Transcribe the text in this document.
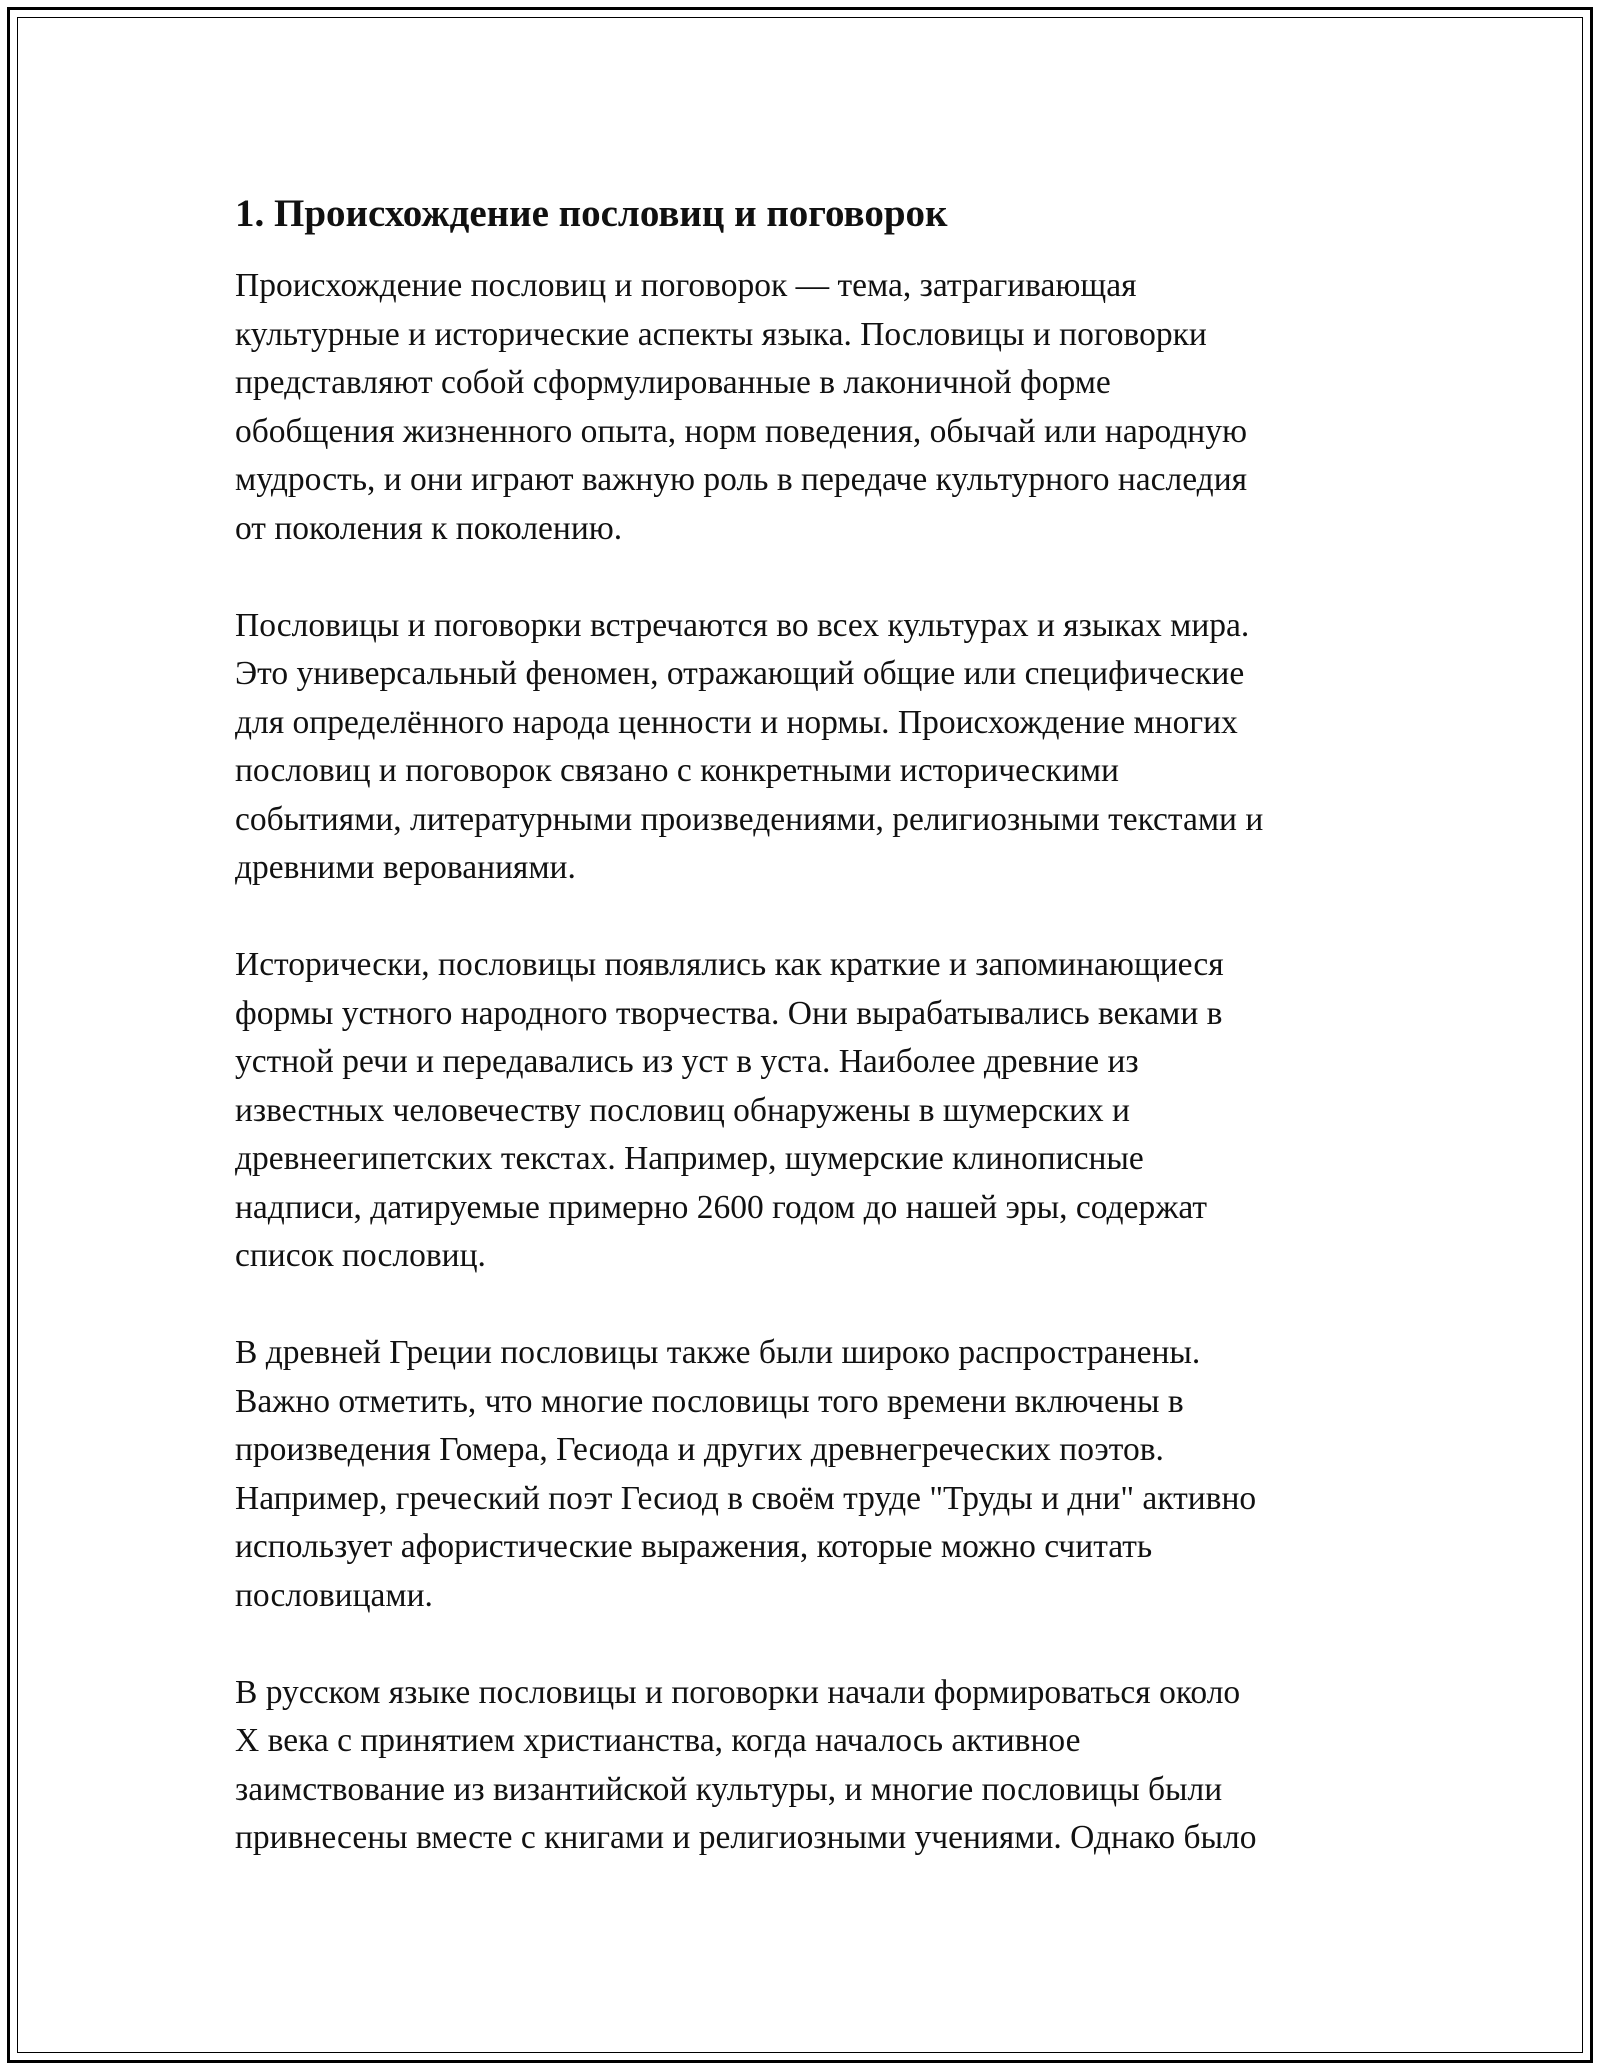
1. Происхождение пословиц и поговорок

Происхождение пословиц и поговорок — тема, затрагивающая
культурные и исторические аспекты языка. Пословицы и поговорки
представляют собой сформулированные в лаконичной форме
обобщения жизненного опыта, норм поведения, обычай или народную
мудрость, и они играют важную роль в передаче культурного наследия
от поколения к поколению.

Пословицы и поговорки встречаются во всех культурах и языках мира.
Это универсальный феномен, отражающий общие или специфические
для определённого народа ценности и нормы. Происхождение многих
пословиц и поговорок связано с конкретными историческими
событиями, литературными произведениями, религиозными текстами и
древними верованиями.

Исторически, пословицы появлялись как краткие и запоминающиеся
формы устного народного творчества. Они вырабатывались веками в
устной речи и передавались из уст в уста. Наиболее древние из
известных человечеству пословиц обнаружены в шумерских и
древнеегипетских текстах. Например, шумерские клинописные
надписи, датируемые примерно 2600 годом до нашей эры, содержат
список пословиц.

В древней Греции пословицы также были широко распространены.
Важно отметить, что многие пословицы того времени включены в
произведения Гомера, Гесиода и других древнегреческих поэтов.
Например, греческий поэт Гесиод в своём труде "Труды и дни" активно
использует афористические выражения, которые можно считать
пословицами.

В русском языке пословицы и поговорки начали формироваться около
X века с принятием христианства, когда началось активное
заимствование из византийской культуры, и многие пословицы были
привнесены вместе с книгами и религиозными учениями. Однако было
